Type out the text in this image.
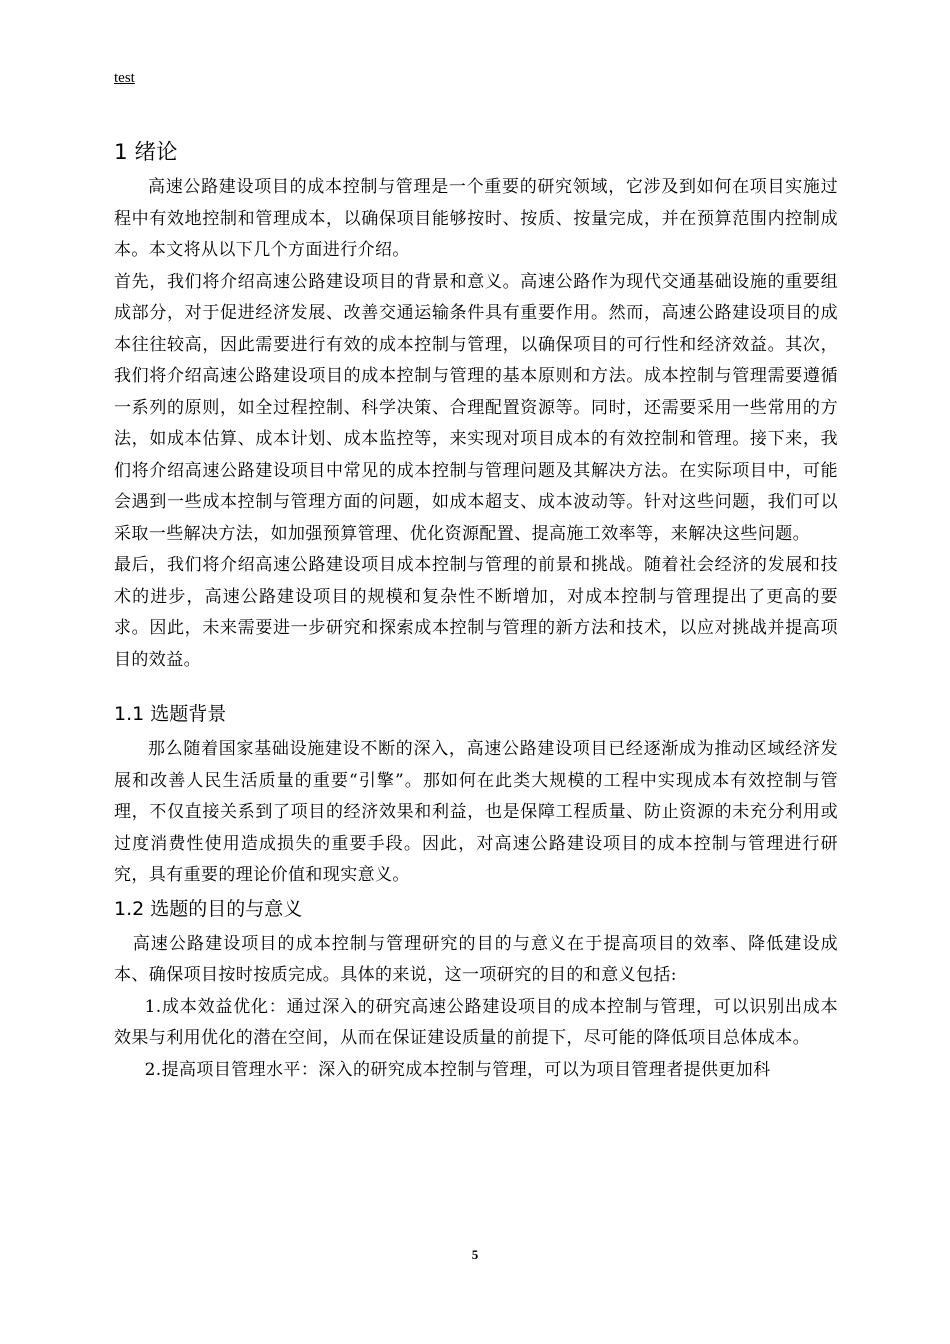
test
1 绪论

高速公路建设项目的成本控制与管理是一个重要的研究领域，它涉及到如何在项目实施过程中有效地控制和管理成本，以确保项目能够按时、按质、按量完成，并在预算范围内控制成本。本文将从以下几个方面进行介绍。

首先，我们将介绍高速公路建设项目的背景和意义。高速公路作为现代交通基础设施的重要组成部分，对于促进经济发展、改善交通运输条件具有重要作用。然而，高速公路建设项目的成本往往较高，因此需要进行有效的成本控制与管理，以确保项目的可行性和经济效益。其次，我们将介绍高速公路建设项目的成本控制与管理的基本原则和方法。成本控制与管理需要遵循一系列的原则，如全过程控制、科学决策、合理配置资源等。同时，还需要采用一些常用的方法，如成本估算、成本计划、成本监控等，来实现对项目成本的有效控制和管理。接下来，我们将介绍高速公路建设项目中常见的成本控制与管理问题及其解决方法。在实际项目中，可能会遇到一些成本控制与管理方面的问题，如成本超支、成本波动等。针对这些问题，我们可以采取一些解决方法，如加强预算管理、优化资源配置、提高施工效率等，来解决这些问题。

最后，我们将介绍高速公路建设项目成本控制与管理的前景和挑战。随着社会经济的发展和技术的进步，高速公路建设项目的规模和复杂性不断增加，对成本控制与管理提出了更高的要求。因此，未来需要进一步研究和探索成本控制与管理的新方法和技术，以应对挑战并提高项目的效益。

1.1 选题背景

那么随着国家基础设施建设不断的深入，高速公路建设项目已经逐渐成为推动区域经济发展和改善人民生活质量的重要“引擎”。那如何在此类大规模的工程中实现成本有效控制与管理，不仅直接关系到了项目的经济效果和利益，也是保障工程质量、防止资源的未充分利用或过度消费性使用造成损失的重要手段。因此，对高速公路建设项目的成本控制与管理进行研究，具有重要的理论价值和现实意义。

1.2 选题的目的与意义

高速公路建设项目的成本控制与管理研究的目的与意义在于提高项目的效率、降低建设成本、确保项目按时按质完成。具体的来说，这一项研究的目的和意义包括:

1.成本效益优化：通过深入的研究高速公路建设项目的成本控制与管理，可以识别出成本效果与利用优化的潜在空间，从而在保证建设质量的前提下，尽可能的降低项目总体成本。

2.提高项目管理水平：深入的研究成本控制与管理，可以为项目管理者提供更加科

5
